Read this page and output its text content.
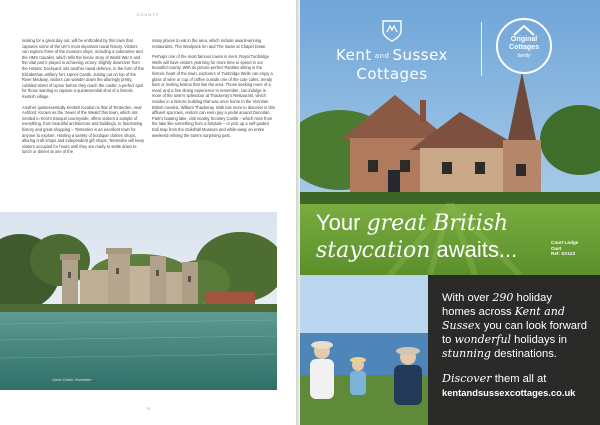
COUNTY

looking for a great day out, will be enthralled by this town that captures some of the UK's most important naval history. Visitors can explore three of the museum ships, including a submarine and the HMS Cavalier, which tells the heroic story of World War II and the vital part it played in achieving victory. Slightly downriver from the Historic Dockyard, sits another naval defence, in the form of the Elizabethan artillery fort, Upnor Castle. Jutting out on top of the River Medway, visitors can wander down the alluringly pretty, cobbled street of Upnor before they reach the castle; a perfect spot for those wanting to capture a quintessential shot of a historic Kentish village.

Another quintessentially Kentish location is that of Tenterden, near Ashford. Known as the 'Jewel of the Weald' this town, which sits nestled in Kent's tranquil countryside, offers visitors a sample of everything, from beautiful architecture and buildings, to fascinating history and great shopping – Tenterden is an excellent town for anyone to explore. Hosting a variety of boutique clothes shops, alluring craft shops and independent gift shops, Tenterden will keep visitors occupied for hours until they are ready to settle down to lunch or dinner at one of the

many places to eat in the area, which include award-winning restaurants, The Woolpack Inn and The Swan at Chapel Down.

Perhaps one of the most famous towns in Kent, Royal Tunbridge Wells will have visitors yearning for more time to spend in our beautiful county. With its picture-perfect Pantiles sitting in the historic heart of the town, explorers of Tunbridge Wells can enjoy a glass of wine or cup of coffee outside one of the cute cafes, trendy bars or inviting bistros that line the area. Those seeking more of a meal, and a fine dining experience to remember, can indulge in more of the town's splendour at Thackeray's Restaurant, which resides in a historic building that was once home to the Victorian British novelist, William Thackeray. With lots more to discover in this affluent spa town, visitors can even pay a pedal around Dunorlan Park's boating lake, visit nearby Scotney Castle – which rises from the lake like something from a fairytale – or pick up a self-guided trail map from the Guildhall Museum and while-away an entire weekend reliving the town's surprising past.

Upnor Castle, Rochester
74
Kent and Sussex
Cottages
Original
Cottages
family
Your great British
staycation awaits...	Court Lodge
Oast
Ref: SX123
With over 290 holiday homes across Kent and Sussex you can look forward to wonderful holidays in stunning destinations.
Discover them all at
kentandsussexcottages.co.uk
